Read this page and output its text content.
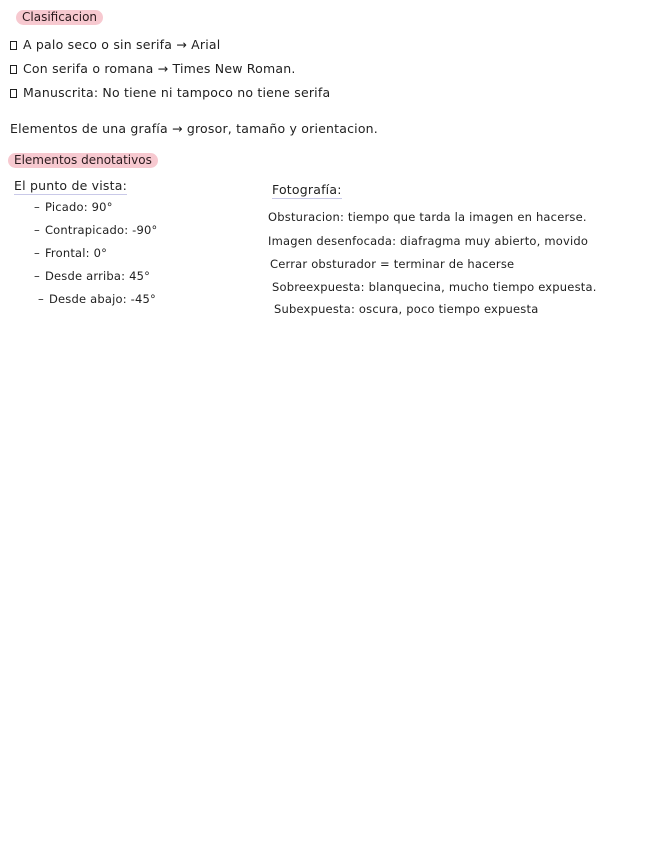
Clasificacion
A palo seco o sin serifa → Arial
Con serifa o romana → Times New Roman.
Manuscrita: No tiene ni tampoco no tiene serifa
Elementos de una grafía → grosor, tamaño y orientacion.
Elementos denotativos
El punto de vista:
– Picado: 90°
– Contrapicado: -90°
– Frontal: 0°
– Desde arriba: 45°
– Desde abajo: -45°
Fotografía:
Obsturacion: tiempo que tarda la imagen en hacerse.
Imagen desenfocada: diafragma muy abierto, movido
Cerrar obsturador = terminar de hacerse
Sobreexpuesta: blanquecina, mucho tiempo expuesta.
Subexpuesta: oscura, poco tiempo expuesta
